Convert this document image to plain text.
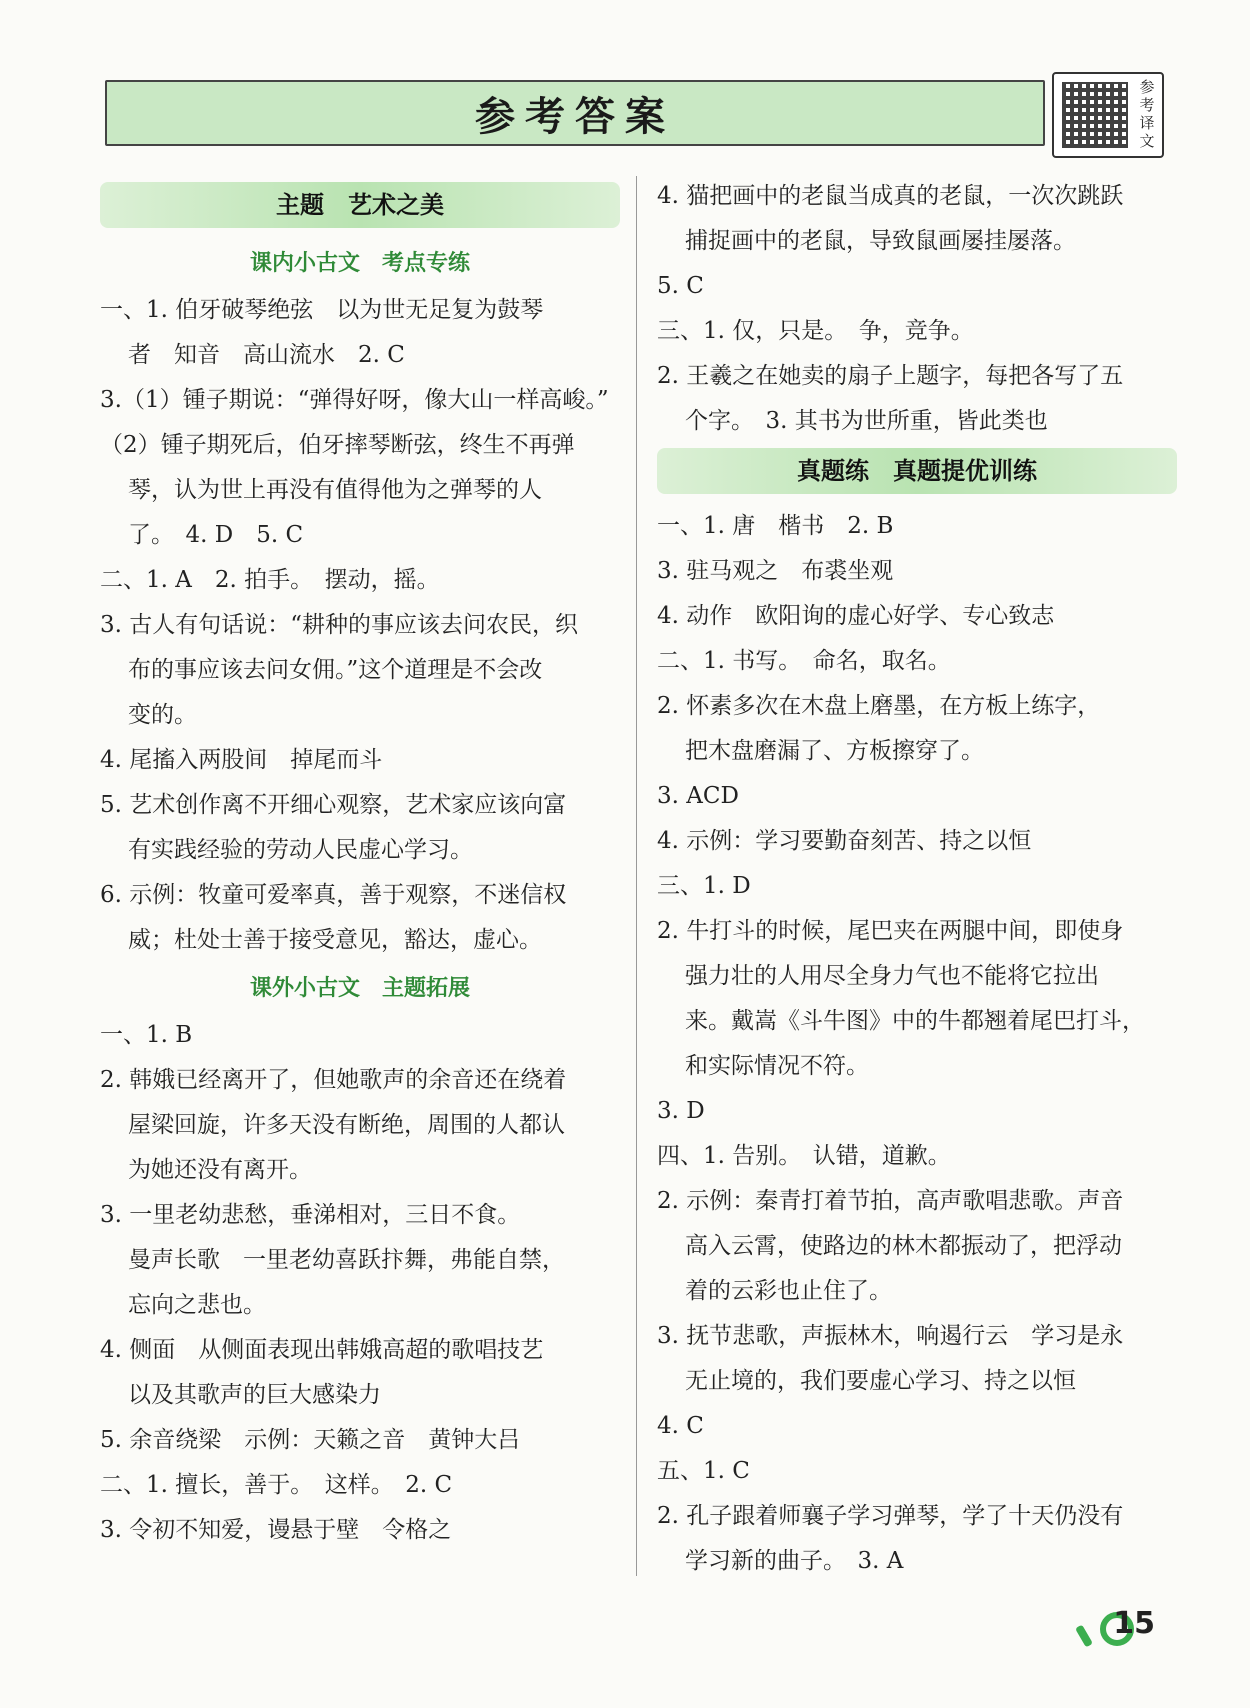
参考答案
参
考
译
文
主题　艺术之美
课内小古文　考点专练
一、1. 伯牙破琴绝弦　以为世无足复为鼓琴
者　知音　高山流水　2. C
3.（1）锺子期说：“弹得好呀，像大山一样高峻。”
（2）锺子期死后，伯牙摔琴断弦，终生不再弹
琴，认为世上再没有值得他为之弹琴的人
了。　4. D　5. C
二、1. A　2. 拍手。　摆动，摇。
3. 古人有句话说：“耕种的事应该去问农民，织
布的事应该去问女佣。”这个道理是不会改
变的。
4. 尾搐入两股间　掉尾而斗
5. 艺术创作离不开细心观察，艺术家应该向富
有实践经验的劳动人民虚心学习。
6. 示例：牧童可爱率真，善于观察，不迷信权
威；杜处士善于接受意见，豁达，虚心。
课外小古文　主题拓展
一、1. B
2. 韩娥已经离开了，但她歌声的余音还在绕着
屋梁回旋，许多天没有断绝，周围的人都认
为她还没有离开。
3. 一里老幼悲愁，垂涕相对，三日不食。
曼声长歌　一里老幼喜跃抃舞，弗能自禁，
忘向之悲也。
4. 侧面　从侧面表现出韩娥高超的歌唱技艺
以及其歌声的巨大感染力
5. 余音绕梁　示例：天籁之音　黄钟大吕
二、1. 擅长，善于。　这样。　2. C
3. 令初不知爱，谩悬于壁　令格之
4. 猫把画中的老鼠当成真的老鼠，一次次跳跃
捕捉画中的老鼠，导致鼠画屡挂屡落。
5. C
三、1. 仅，只是。　争，竞争。
2. 王羲之在她卖的扇子上题字，每把各写了五
个字。　3. 其书为世所重，皆此类也
真题练　真题提优训练
一、1. 唐　楷书　2. B
3. 驻马观之　布裘坐观
4. 动作　欧阳询的虚心好学、专心致志
二、1. 书写。　命名，取名。
2. 怀素多次在木盘上磨墨，在方板上练字，
把木盘磨漏了、方板擦穿了。
3. ACD
4. 示例：学习要勤奋刻苦、持之以恒
三、1. D
2. 牛打斗的时候，尾巴夹在两腿中间，即使身
强力壮的人用尽全身力气也不能将它拉出
来。戴嵩《斗牛图》中的牛都翘着尾巴打斗，
和实际情况不符。
3. D
四、1. 告别。　认错，道歉。
2. 示例：秦青打着节拍，高声歌唱悲歌。声音
高入云霄，使路边的林木都振动了，把浮动
着的云彩也止住了。
3. 抚节悲歌，声振林木，响遏行云　学习是永
无止境的，我们要虚心学习、持之以恒
4. C
五、1. C
2. 孔子跟着师襄子学习弹琴，学了十天仍没有
学习新的曲子。　3. A
15
